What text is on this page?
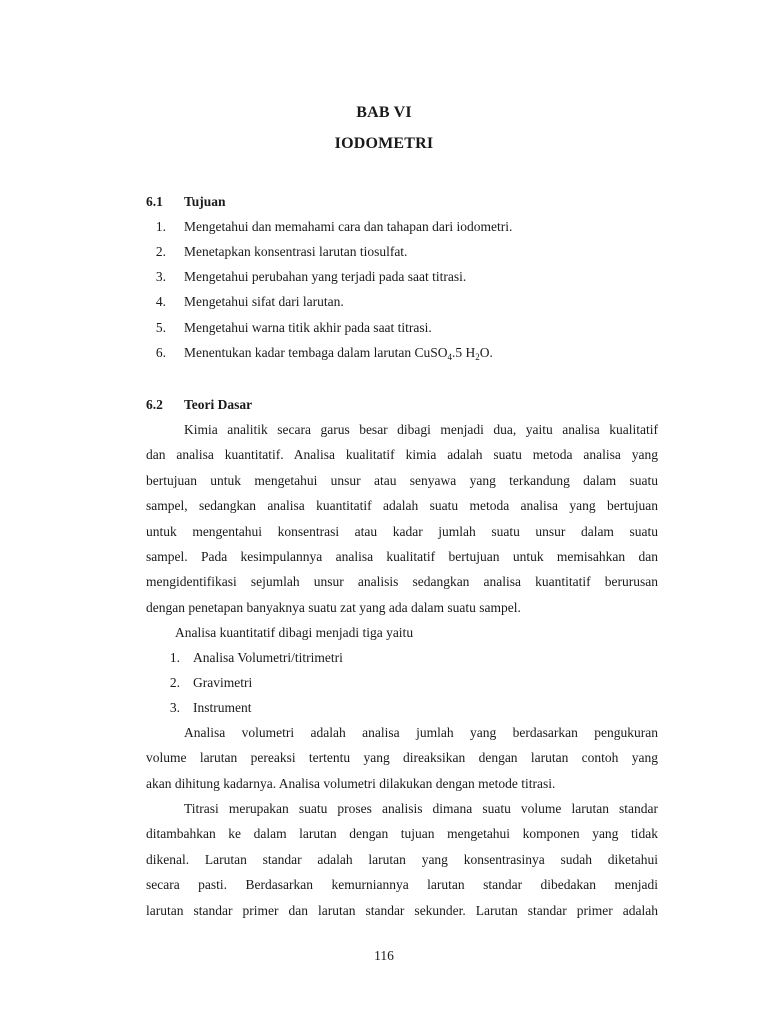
BAB VI
IODOMETRI
6.1 Tujuan
1. Mengetahui dan memahami cara dan tahapan dari iodometri.
2. Menetapkan konsentrasi larutan tiosulfat.
3. Mengetahui perubahan yang terjadi pada saat titrasi.
4. Mengetahui sifat dari larutan.
5. Mengetahui warna titik akhir pada saat titrasi.
6. Menentukan kadar tembaga dalam larutan CuSO$_4$.5 $H_2O$.
6.2 Teori Dasar
Kimia analitik secara garus besar dibagi menjadi dua, yaitu analisa kualitatif
dan analisa kuantitatif. Analisa kualitatif kimia adalah suatu metoda analisa yang
bertujuan untuk mengetahui unsur atau senyawa yang terkandung dalam suatu
sampel, sedangkan analisa kuantitatif adalah suatu metoda analisa yang bertujuan
untuk mengentahui konsentrasi atau kadar jumlah suatu unsur dalam suatu
sampel. Pada kesimpulannya analisa kualitatif bertujuan untuk memisahkan dan
mengidentifikasi sejumlah unsur analisis sedangkan analisa kuantitatif berurusan
dengan penetapan banyaknya suatu zat yang ada dalam suatu sampel.
Analisa kuantitatif dibagi menjadi tiga yaitu
1. Analisa Volumetri/titrimetri
2. Gravimetri
3. Instrument
Analisa volumetri adalah analisa jumlah yang berdasarkan pengukuran
volume larutan pereaksi tertentu yang direaksikan dengan larutan contoh yang
akan dihitung kadarnya. Analisa volumetri dilakukan dengan metode titrasi.
Titrasi merupakan suatu proses analisis dimana suatu volume larutan standar
ditambahkan ke dalam larutan dengan tujuan mengetahui komponen yang tidak
dikenal. Larutan standar adalah larutan yang konsentrasinya sudah diketahui
secara pasti. Berdasarkan kemurniannya larutan standar dibedakan menjadi
larutan standar primer dan larutan standar sekunder. Larutan standar primer adalah
116
